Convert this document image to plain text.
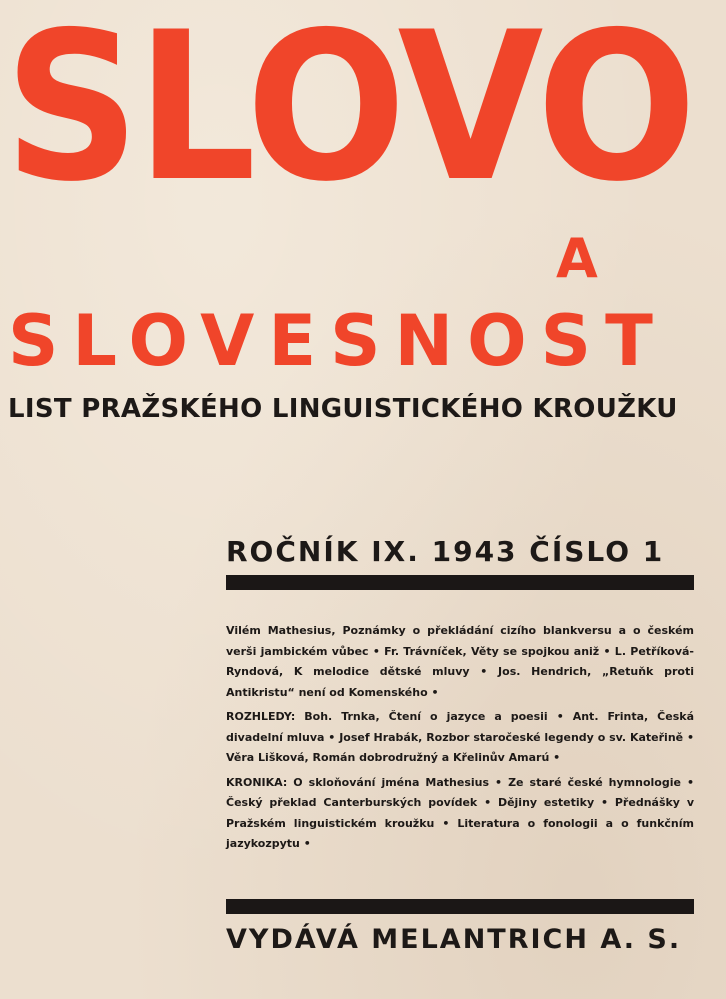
SLOVO
A
SLOVESNOST
LIST PRAŽSKÉHO LINGUISTICKÉHO KROUŽKU
ROČNÍK IX. 1943 ČÍSLO 1

Vilém Mathesius, Poznámky o překládání cizího blankversu a o českém verši jambickém vůbec • Fr. Trávníček, Věty se spojkou aniž • L. Petříková-Ryndová, K melodice dětské mluvy • Jos. Hendrich, „Retuňk proti Antikristu“ není od Komenského •

ROZHLEDY: Boh. Trnka, Čtení o jazyce a poesii • Ant. Frinta, Česká divadelní mluva • Josef Hrabák, Rozbor staročeské legendy o sv. Kateřině • Věra Lišková, Román dobrodružný a Křelinův Amarú •

KRONIKA: O skloňování jména Mathesius • Ze staré české hymnologie • Český překlad Canterburských povídek • Dějiny estetiky • Přednášky v Pražském linguistickém kroužku • Literatura o fonologii a o funkčním jazykozpytu •

VYDÁVÁ MELANTRICH A. S.
